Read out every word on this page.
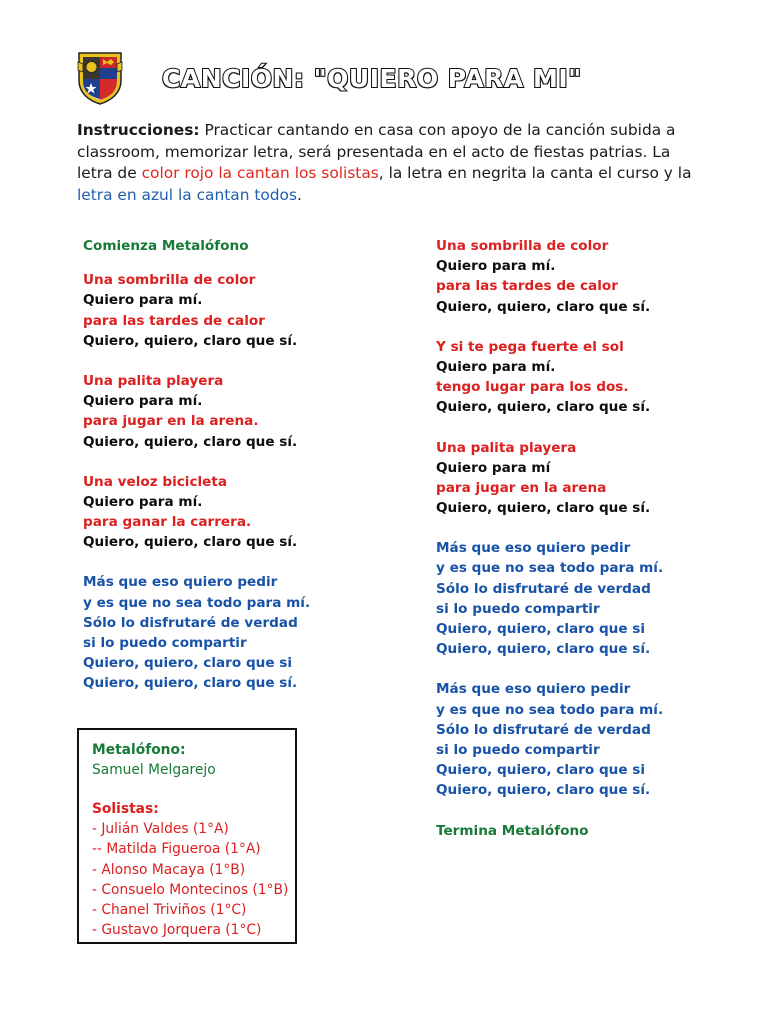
CANCIÓN: "QUIERO PARA MI"
Instrucciones: Practicar cantando en casa con apoyo de la canción subida a classroom, memorizar letra, será presentada en el acto de fiestas patrias. La letra de color rojo la cantan los solistas, la letra en negrita la canta el curso y la letra en azul la cantan todos.
Comienza Metalófono
Una sombrilla de color
Quiero para mí.
para las tardes de calor
Quiero, quiero, claro que sí.
Una palita playera
Quiero para mí.
para jugar en la arena.
Quiero, quiero, claro que sí.
Una veloz bicicleta
Quiero para mí.
para ganar la carrera.
Quiero, quiero, claro que sí.
Más que eso quiero pedir
y es que no sea todo para mí.
Sólo lo disfrutaré de verdad
si lo puedo compartir
Quiero, quiero, claro que si
Quiero, quiero, claro que sí.
Una sombrilla de color
Quiero para mí.
para las tardes de calor
Quiero, quiero, claro que sí.
Y si te pega fuerte el sol
Quiero para mí.
tengo lugar para los dos.
Quiero, quiero, claro que sí.
Una palita playera
Quiero para mí
para jugar en la arena
Quiero, quiero, claro que sí.
Más que eso quiero pedir
y es que no sea todo para mí.
Sólo lo disfrutaré de verdad
si lo puedo compartir
Quiero, quiero, claro que si
Quiero, quiero, claro que sí.
Más que eso quiero pedir
y es que no sea todo para mí.
Sólo lo disfrutaré de verdad
si lo puedo compartir
Quiero, quiero, claro que si
Quiero, quiero, claro que sí.
Termina Metalófono
Metalófono:
Samuel Melgarejo
Solistas:
- Julián Valdes (1°A)
-- Matilda Figueroa (1°A)
- Alonso Macaya (1°B)
- Consuelo Montecinos (1°B)
- Chanel Triviños (1°C)
- Gustavo Jorquera (1°C)
